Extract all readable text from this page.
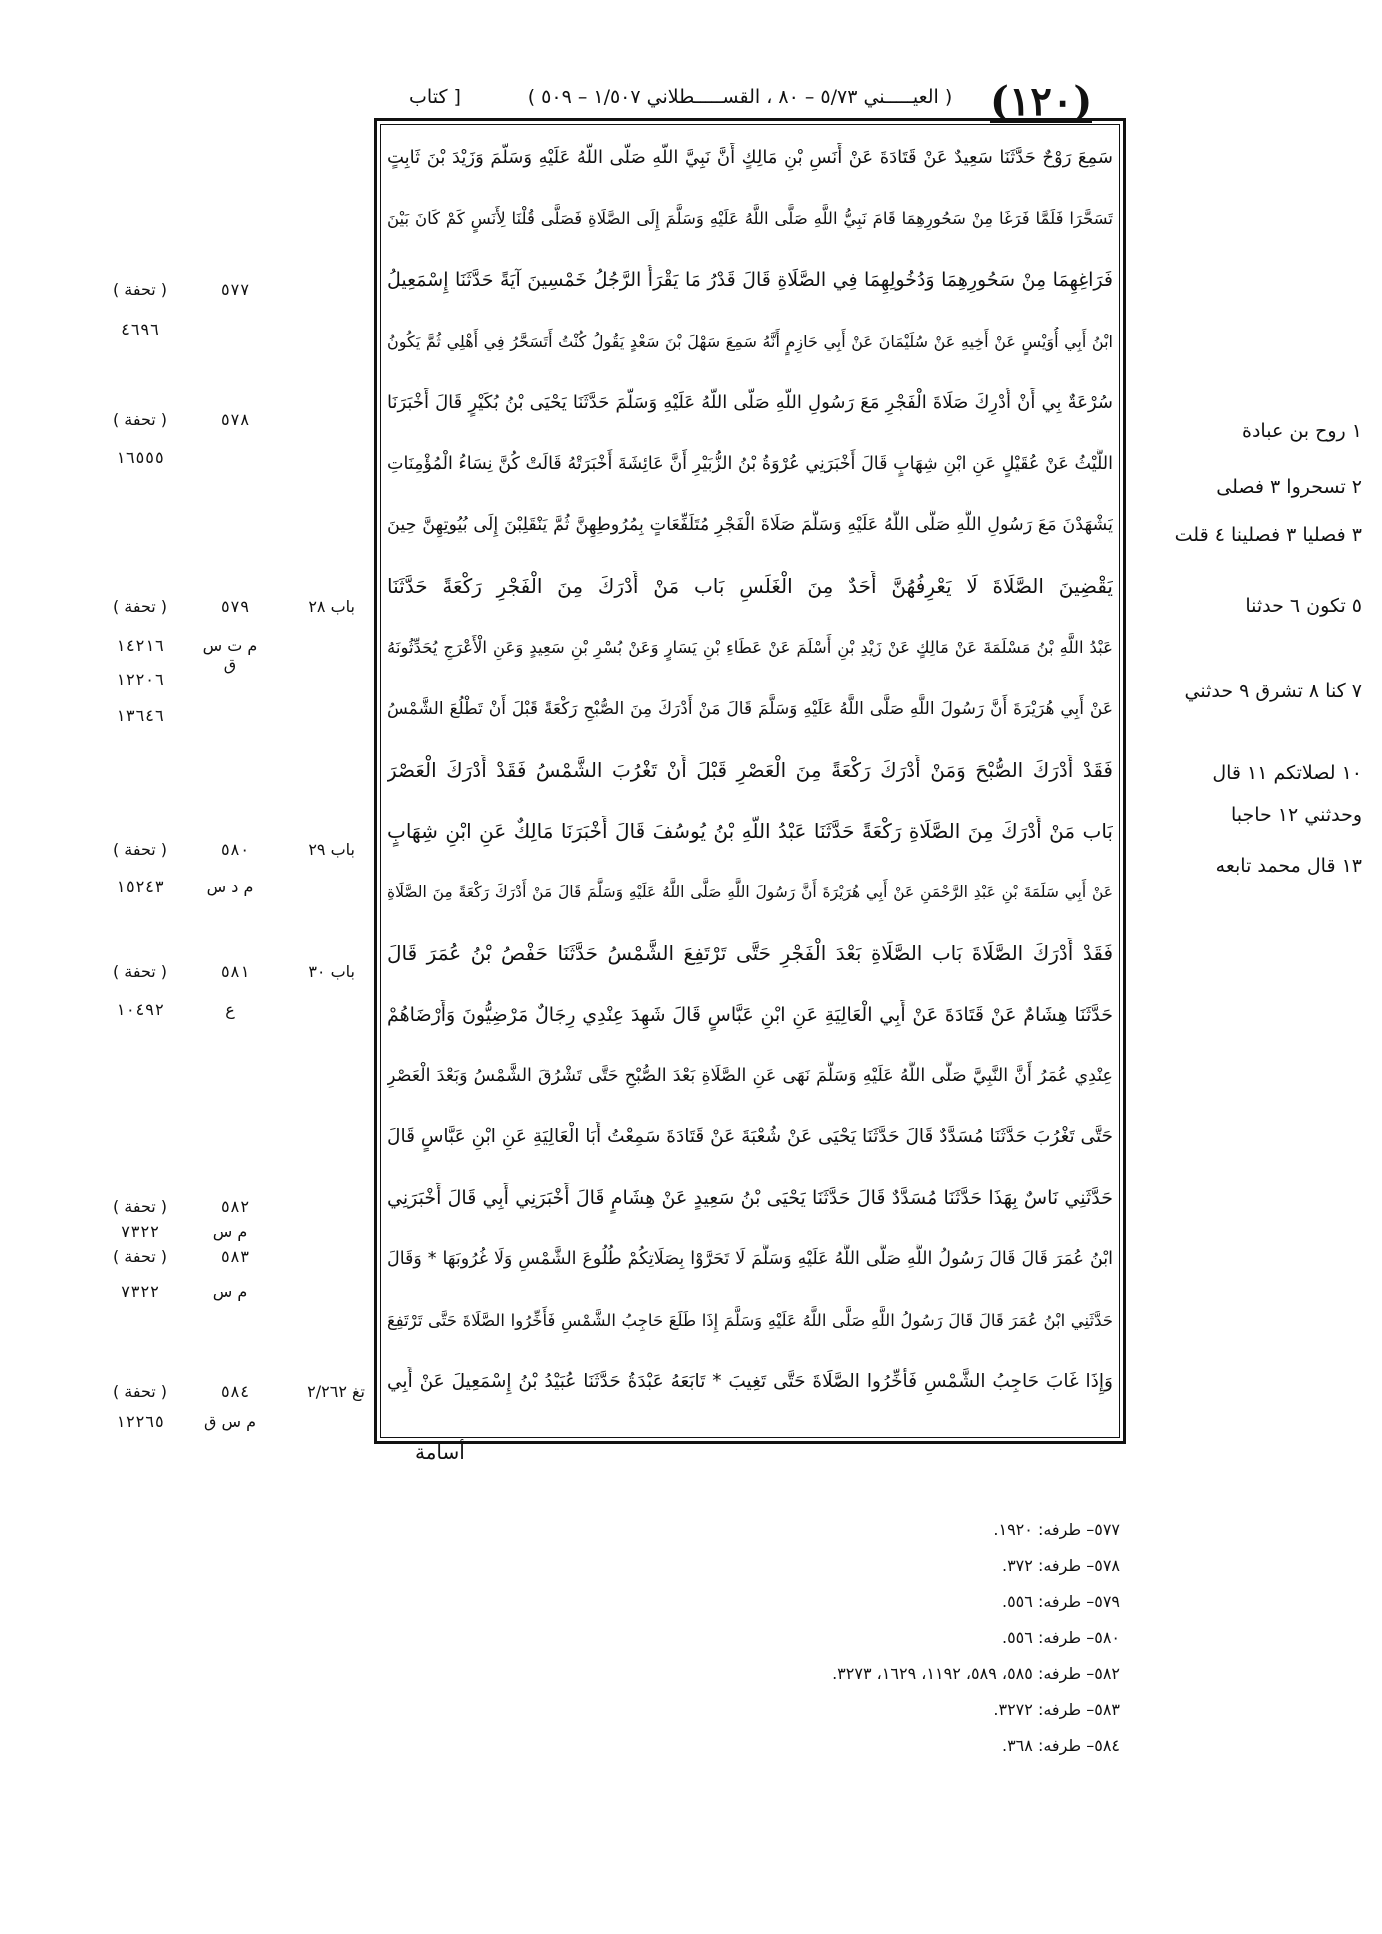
(١٢٠)
( العيـــــني ٥/٧٣ – ٨٠ ، القســـــطلاني ١/٥٠٧ – ٥٠٩ )
[ كتاب
سَمِعَ رَوْحٌ حَدَّثَنَا سَعِيدٌ عَنْ قَتَادَةَ عَنْ أَنَسِ بْنِ مَالِكٍ أَنَّ نَبِيَّ اللَّهِ صَلَّى اللَّهُ عَلَيْهِ وَسَلَّمَ وَزَيْدَ بْنَ ثَابِتٍ
تَسَحَّرَا فَلَمَّا فَرَغَا مِنْ سَحُورِهِمَا قَامَ نَبِيُّ اللَّهِ صَلَّى اللَّهُ عَلَيْهِ وَسَلَّمَ إِلَى الصَّلَاةِ فَصَلَّى قُلْنَا لِأَنَسٍ كَمْ كَانَ بَيْنَ
فَرَاغِهِمَا مِنْ سَحُورِهِمَا وَدُخُولِهِمَا فِي الصَّلَاةِ قَالَ قَدْرُ مَا يَقْرَأُ الرَّجُلُ خَمْسِينَ آيَةً حَدَّثَنَا إِسْمَعِيلُ
ابْنُ أَبِي أُوَيْسٍ عَنْ أَخِيهِ عَنْ سُلَيْمَانَ عَنْ أَبِي حَازِمٍ أَنَّهُ سَمِعَ سَهْلَ بْنَ سَعْدٍ يَقُولُ كُنْتُ أَتَسَحَّرُ فِي أَهْلِي ثُمَّ يَكُونُ
سُرْعَةٌ بِي أَنْ أُدْرِكَ صَلَاةَ الْفَجْرِ مَعَ رَسُولِ اللَّهِ صَلَّى اللَّهُ عَلَيْهِ وَسَلَّمَ حَدَّثَنَا يَحْيَى بْنُ بُكَيْرٍ قَالَ أَخْبَرَنَا
اللَّيْثُ عَنْ عُقَيْلٍ عَنِ ابْنِ شِهَابٍ قَالَ أَخْبَرَنِي عُرْوَةُ بْنُ الزُّبَيْرِ أَنَّ عَائِشَةَ أَخْبَرَتْهُ قَالَتْ كُنَّ نِسَاءُ الْمُؤْمِنَاتِ
يَشْهَدْنَ مَعَ رَسُولِ اللَّهِ صَلَّى اللَّهُ عَلَيْهِ وَسَلَّمَ صَلَاةَ الْفَجْرِ مُتَلَفِّعَاتٍ بِمُرُوطِهِنَّ ثُمَّ يَنْقَلِبْنَ إِلَى بُيُوتِهِنَّ حِينَ
يَقْضِينَ الصَّلَاةَ لَا يَعْرِفُهُنَّ أَحَدٌ مِنَ الْغَلَسِ بَاب مَنْ أَدْرَكَ مِنَ الْفَجْرِ رَكْعَةً حَدَّثَنَا
عَبْدُ اللَّهِ بْنُ مَسْلَمَةَ عَنْ مَالِكٍ عَنْ زَيْدِ بْنِ أَسْلَمَ عَنْ عَطَاءِ بْنِ يَسَارٍ وَعَنْ بُسْرِ بْنِ سَعِيدٍ وَعَنِ الْأَعْرَجِ يُحَدِّثُونَهُ
عَنْ أَبِي هُرَيْرَةَ أَنَّ رَسُولَ اللَّهِ صَلَّى اللَّهُ عَلَيْهِ وَسَلَّمَ قَالَ مَنْ أَدْرَكَ مِنَ الصُّبْحِ رَكْعَةً قَبْلَ أَنْ تَطْلُعَ الشَّمْسُ
فَقَدْ أَدْرَكَ الصُّبْحَ وَمَنْ أَدْرَكَ رَكْعَةً مِنَ الْعَصْرِ قَبْلَ أَنْ تَغْرُبَ الشَّمْسُ فَقَدْ أَدْرَكَ الْعَصْرَ
بَاب مَنْ أَدْرَكَ مِنَ الصَّلَاةِ رَكْعَةً حَدَّثَنَا عَبْدُ اللَّهِ بْنُ يُوسُفَ قَالَ أَخْبَرَنَا مَالِكٌ عَنِ ابْنِ شِهَابٍ
عَنْ أَبِي سَلَمَةَ بْنِ عَبْدِ الرَّحْمَنِ عَنْ أَبِي هُرَيْرَةَ أَنَّ رَسُولَ اللَّهِ صَلَّى اللَّهُ عَلَيْهِ وَسَلَّمَ قَالَ مَنْ أَدْرَكَ رَكْعَةً مِنَ الصَّلَاةِ
فَقَدْ أَدْرَكَ الصَّلَاةَ بَاب الصَّلَاةِ بَعْدَ الْفَجْرِ حَتَّى تَرْتَفِعَ الشَّمْسُ حَدَّثَنَا حَفْصُ بْنُ عُمَرَ قَالَ
حَدَّثَنَا هِشَامٌ عَنْ قَتَادَةَ عَنْ أَبِي الْعَالِيَةِ عَنِ ابْنِ عَبَّاسٍ قَالَ شَهِدَ عِنْدِي رِجَالٌ مَرْضِيُّونَ وَأَرْضَاهُمْ
عِنْدِي عُمَرُ أَنَّ النَّبِيَّ صَلَّى اللَّهُ عَلَيْهِ وَسَلَّمَ نَهَى عَنِ الصَّلَاةِ بَعْدَ الصُّبْحِ حَتَّى تَشْرُقَ الشَّمْسُ وَبَعْدَ الْعَصْرِ
حَتَّى تَغْرُبَ حَدَّثَنَا مُسَدَّدٌ قَالَ حَدَّثَنَا يَحْيَى عَنْ شُعْبَةَ عَنْ قَتَادَةَ سَمِعْتُ أَبَا الْعَالِيَةِ عَنِ ابْنِ عَبَّاسٍ قَالَ
حَدَّثَنِي نَاسٌ بِهَذَا حَدَّثَنَا مُسَدَّدٌ قَالَ حَدَّثَنَا يَحْيَى بْنُ سَعِيدٍ عَنْ هِشَامٍ قَالَ أَخْبَرَنِي أَبِي قَالَ أَخْبَرَنِي
ابْنُ عُمَرَ قَالَ قَالَ رَسُولُ اللَّهِ صَلَّى اللَّهُ عَلَيْهِ وَسَلَّمَ لَا تَحَرَّوْا بِصَلَاتِكُمْ طُلُوعَ الشَّمْسِ وَلَا غُرُوبَهَا * وَقَالَ
حَدَّثَنِي ابْنُ عُمَرَ قَالَ قَالَ رَسُولُ اللَّهِ صَلَّى اللَّهُ عَلَيْهِ وَسَلَّمَ إِذَا طَلَعَ حَاجِبُ الشَّمْسِ فَأَخِّرُوا الصَّلَاةَ حَتَّى تَرْتَفِعَ
وَإِذَا غَابَ حَاجِبُ الشَّمْسِ فَأَخِّرُوا الصَّلَاةَ حَتَّى تَغِيبَ * تَابَعَهُ عَبْدَةُ حَدَّثَنَا عُبَيْدُ بْنُ إِسْمَعِيلَ عَنْ أَبِي
أسامة
( تحفة )	٥٧٧
٤٦٩٦
( تحفة )	٥٧٨
١٦٥٥٥
( تحفة )	٥٧٩	باب ٢٨
١٤٢١٦	م ت س ق
١٢٢٠٦
١٣٦٤٦
( تحفة )	٥٨٠	باب ٢٩
١٥٢٤٣	م د س
( تحفة )	٥٨١	باب ٣٠
١٠٤٩٢	ع
( تحفة )	٥٨٢
٧٣٢٢	م س
( تحفة )	٥٨٣
٧٣٢٢	م س
( تحفة )	٥٨٤	تغ ٢/٢٦٢
١٢٢٦٥	م س ق
١ روح بن عبادة
٢ تسحروا ٣ فصلى
٣ فصليا ٣ فصلينا ٤ قلت
٥ تكون ٦ حدثنا
٧ كنا ٨ تشرق ٩ حدثني
١٠ لصلاتكم ١١ قال
وحدثني ١٢ حاجبا
١٣ قال محمد تابعه
٥٧٧– طرفه: ١٩٢٠.
٥٧٨– طرفه: ٣٧٢.
٥٧٩– طرفه: ٥٥٦.
٥٨٠– طرفه: ٥٥٦.
٥٨٢– طرفه: ٥٨٥، ٥٨٩، ١١٩٢، ١٦٢٩، ٣٢٧٣.
٥٨٣– طرفه: ٣٢٧٢.
٥٨٤– طرفه: ٣٦٨.
